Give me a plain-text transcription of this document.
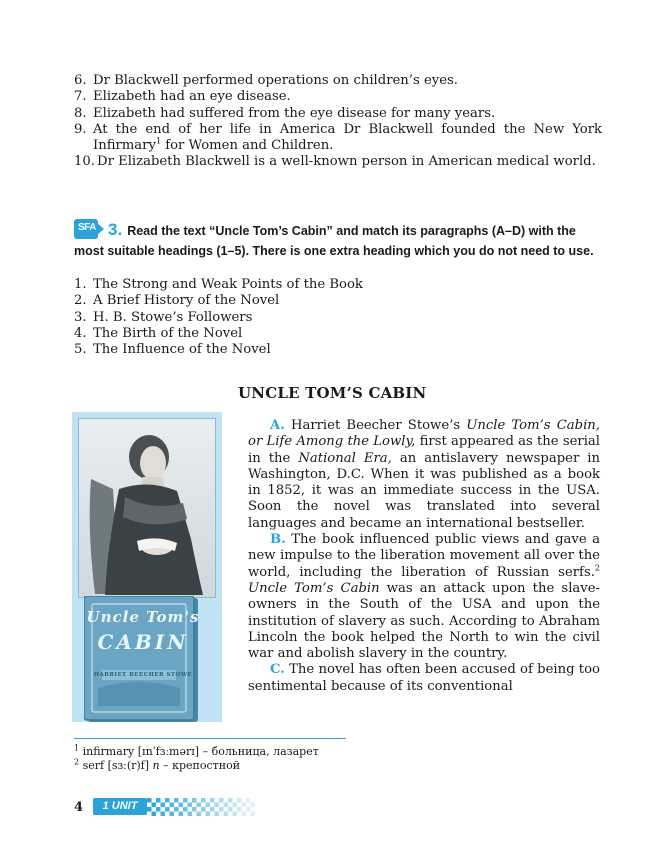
6. Dr Blackwell performed operations on children’s eyes.
7. Elizabeth had an eye disease.
8. Elizabeth had suffered from the eye disease for many years.
9. At the end of her life in America Dr Blackwell founded the New York Infirmary$^1$ for Women and Children.
10. Dr Elizabeth Blackwell is a well-known person in American medical world.
SFA 3. Read the text “Uncle Tom’s Cabin” and match its paragraphs (A–D) with the most suitable headings (1–5). There is one extra heading which you do not need to use.
1. The Strong and Weak Points of the Book
2. A Brief History of the Novel
3. H. B. Stowe’s Followers
4. The Birth of the Novel
5. The Influence of the Novel
UNCLE TOM’S CABIN
Uncle Tom's
CABIN
HARRIET BEECHER STOWE

A. Harriet Beecher Stowe’s Uncle Tom’s Cabin, or Life Among the Lowly, first appeared as the serial in the National Era, an antislavery newspaper in Washington, D.C. When it was published as a book in 1852, it was an immediate success in the USA. Soon the novel was translated into several languages and became an international bestseller.

B. The book influenced public views and gave a new impulse to the liberation movement all over the world, including the liberation of Russian serfs.$^2$ Uncle Tom’s Cabin was an attack upon the slave-owners in the South of the USA and upon the institution of slavery as such. According to Abraham Lincoln the book helped the North to win the civil war and abolish slavery in the country.

C. The novel has often been accused of being too sentimental because of its conventional

$^1$ infirmary [ɪnˈfɜːmərɪ] – больница, лазарет
$^2$ serf [sɜː(r)f] n – крепостной
4	1 UNIT
